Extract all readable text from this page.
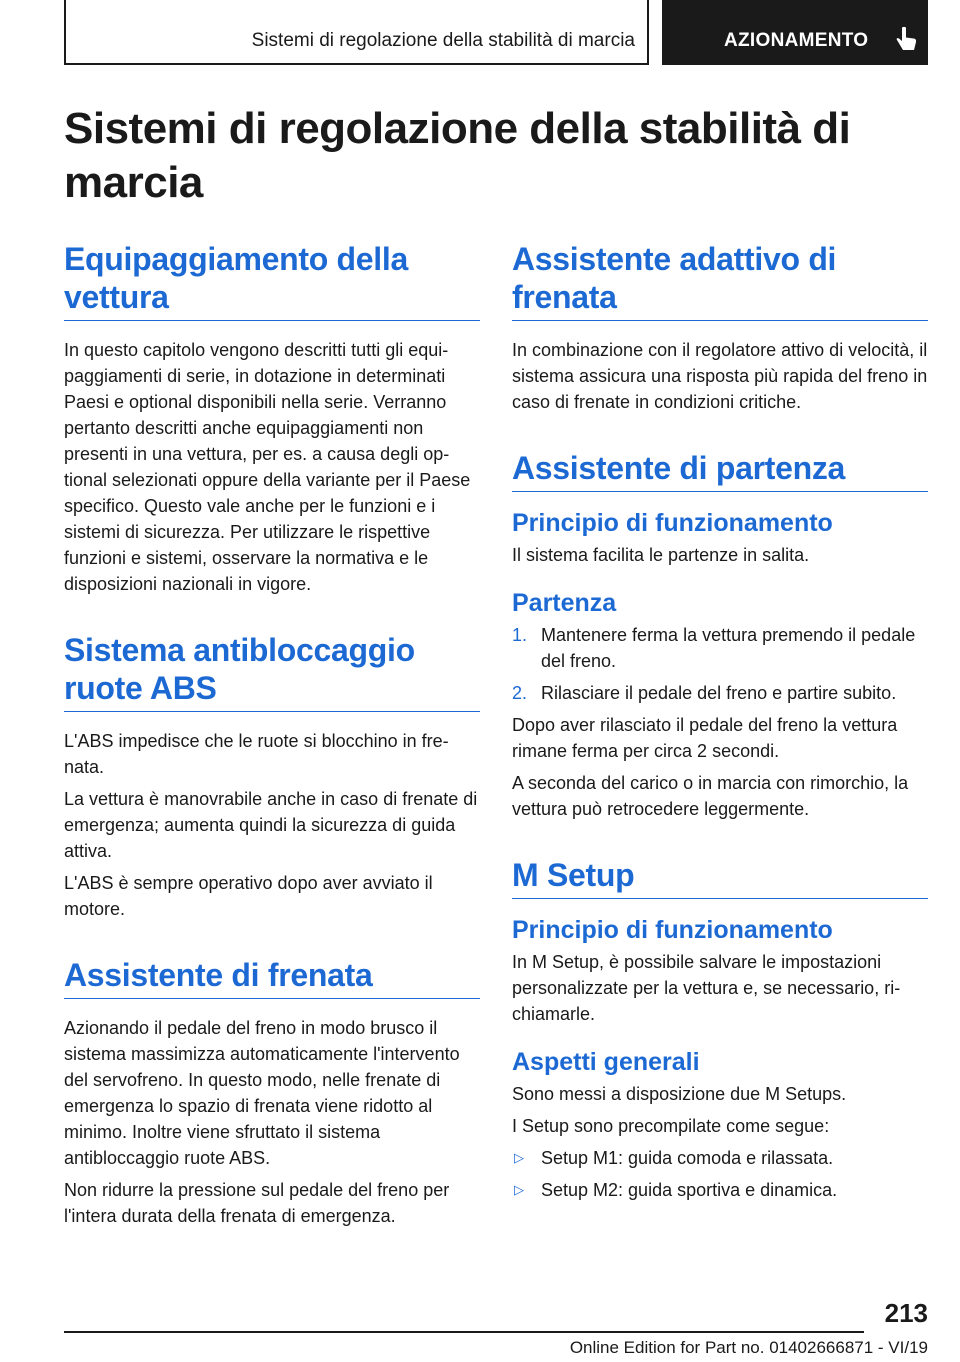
Sistemi di regolazione della stabilità di marcia	AZIONAMENTO
Sistemi di regolazione della stabilità di marcia
Equipaggiamento della vettura

In questo capitolo vengono descritti tutti gli equipaggiamenti di serie, in dotazione in determinati Paesi e optional disponibili nella serie. Verranno pertanto descritti anche equipaggiamenti non presenti in una vettura, per es. a causa degli optional selezionati oppure della variante per il Paese specifico. Questo vale anche per le funzioni e i sistemi di sicurezza. Per utilizzare le rispettive funzioni e sistemi, osservare la normativa e le disposizioni nazionali in vigore.

Sistema antibloccaggio ruote ABS

L'ABS impedisce che le ruote si blocchino in frenata.

La vettura è manovrabile anche in caso di frenate di emergenza; aumenta quindi la sicurezza di guida attiva.

L'ABS è sempre operativo dopo aver avviato il motore.

Assistente di frenata

Azionando il pedale del freno in modo brusco il sistema massimizza automaticamente l'intervento del servofreno. In questo modo, nelle frenate di emergenza lo spazio di frenata viene ridotto al minimo. Inoltre viene sfruttato il sistema antibloccaggio ruote ABS.

Non ridurre la pressione sul pedale del freno per l'intera durata della frenata di emergenza.

Assistente adattivo di frenata

In combinazione con il regolatore attivo di velocità, il sistema assicura una risposta più rapida del freno in caso di frenate in condizioni critiche.

Assistente di partenza
Principio di funzionamento

Il sistema facilita le partenze in salita.

Partenza
1. Mantenere ferma la vettura premendo il pedale del freno.
2. Rilasciare il pedale del freno e partire subito.

Dopo aver rilasciato il pedale del freno la vettura rimane ferma per circa 2 secondi.

A seconda del carico o in marcia con rimorchio, la vettura può retrocedere leggermente.

M Setup
Principio di funzionamento

In M Setup, è possibile salvare le impostazioni personalizzate per la vettura e, se necessario, richiamarle.

Aspetti generali

Sono messi a disposizione due M Setups.

I Setup sono precompilate come segue:

▷ Setup M1: guida comoda e rilassata.
▷ Setup M2: guida sportiva e dinamica.
213
Online Edition for Part no. 01402666871 - VI/19
